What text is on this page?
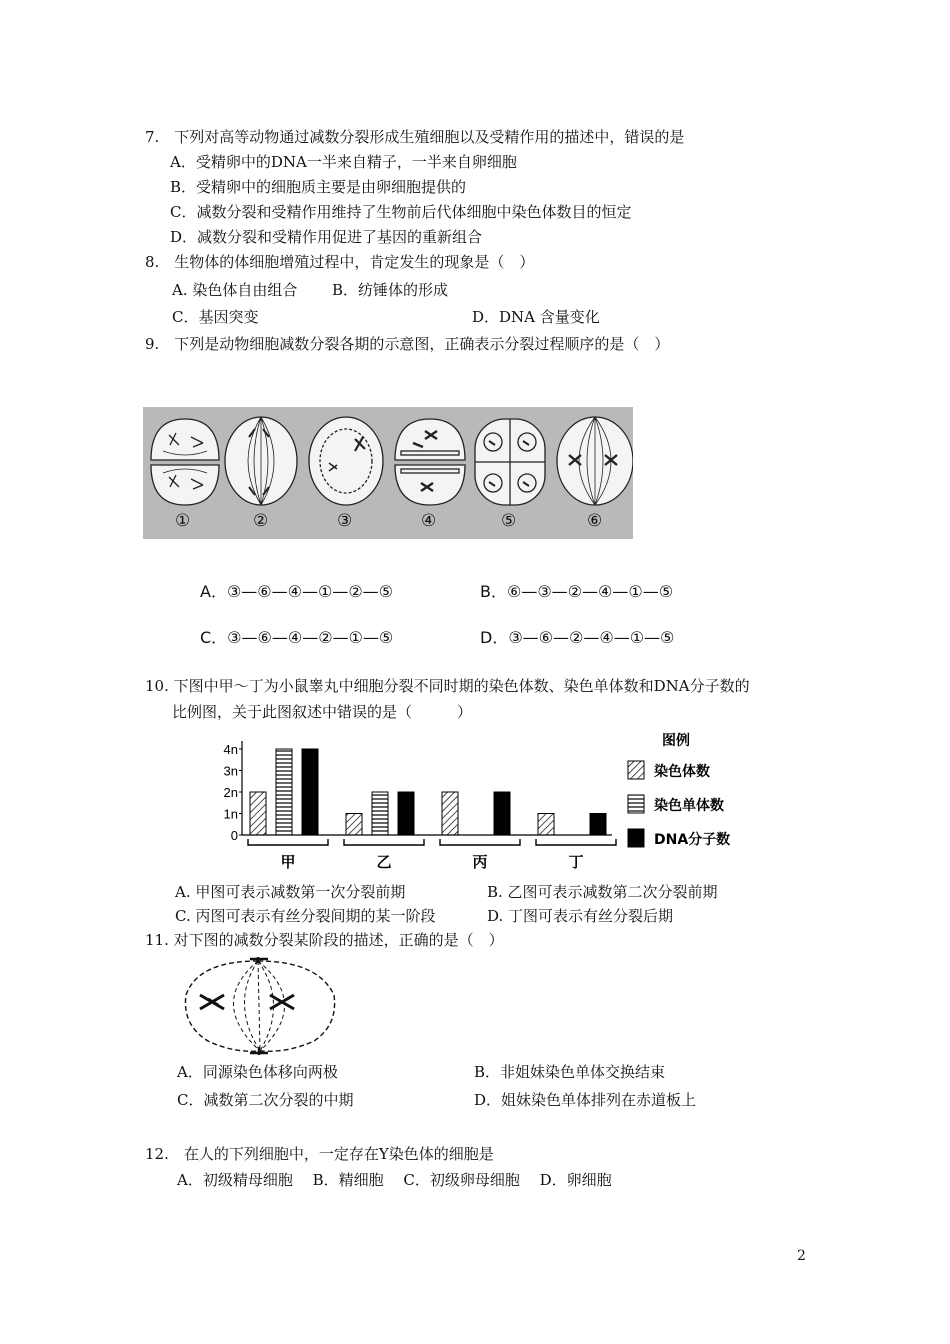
7.　下列对高等动物通过减数分裂形成生殖细胞以及受精作用的描述中，错误的是
A．受精卵中的DNA一半来自精子，一半来自卵细胞
B．受精卵中的细胞质主要是由卵细胞提供的
C．减数分裂和受精作用维持了生物前后代体细胞中染色体数目的恒定
D．减数分裂和受精作用促进了基因的重新组合
8.　生物体的体细胞增殖过程中，肯定发生的现象是（　）
A. 染色体自由组合 B．纺锤体的形成
C．基因突变	D．DNA 含量变化
9.　下列是动物细胞减数分裂各期的示意图，正确表示分裂过程顺序的是（　）
①	②	③	④	⑤	⑥
A．③—⑥—④—①—②—⑤	B．⑥—③—②—④—①—⑤
C．③—⑥—④—②—①—⑤	D．③—⑥—②—④—①—⑤
10. 下图中甲～丁为小鼠睾丸中细胞分裂不同时期的染色体数、染色单体数和DNA分子数的
比例图，关于此图叙述中错误的是（　　　）
0
1n
2n
3n
4n
甲	乙	丙	丁
图例
染色体数
染色单体数
DNA分子数
A. 甲图可表示减数第一次分裂前期	B. 乙图可表示减数第二次分裂前期
C. 丙图可表示有丝分裂间期的某一阶段	D. 丁图可表示有丝分裂后期
11. 对下图的减数分裂某阶段的描述，正确的是（　）
A．同源染色体移向两极	B．非姐妹染色单体交换结束
C．减数第二次分裂的中期	D．姐妹染色单体排列在赤道板上
12.　在人的下列细胞中，一定存在Y染色体的细胞是
A．初级精母细胞　 B．精细胞　 C．初级卵母细胞　 D．卵细胞
2
